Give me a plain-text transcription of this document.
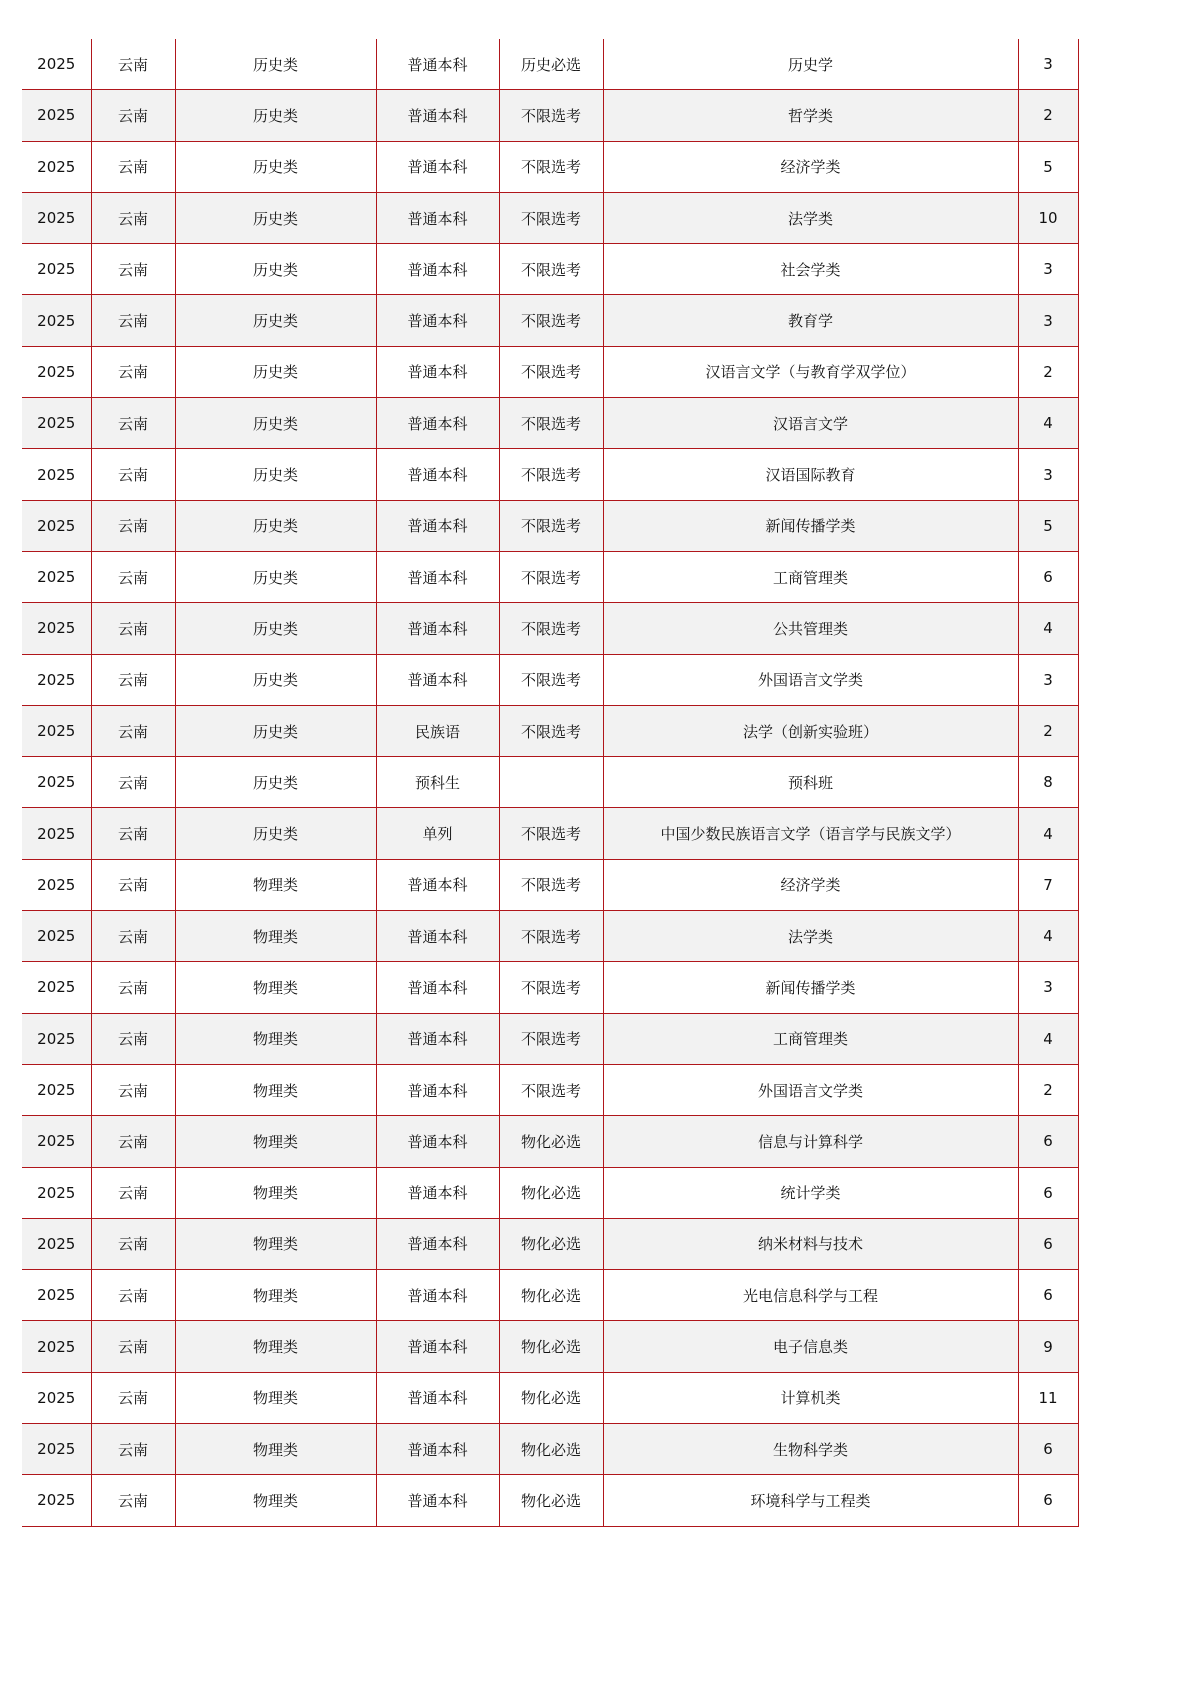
2025	云南	历史类	普通本科	历史必选	历史学	3
2025	云南	历史类	普通本科	不限选考	哲学类	2
2025	云南	历史类	普通本科	不限选考	经济学类	5
2025	云南	历史类	普通本科	不限选考	法学类	10
2025	云南	历史类	普通本科	不限选考	社会学类	3
2025	云南	历史类	普通本科	不限选考	教育学	3
2025	云南	历史类	普通本科	不限选考	汉语言文学（与教育学双学位）	2
2025	云南	历史类	普通本科	不限选考	汉语言文学	4
2025	云南	历史类	普通本科	不限选考	汉语国际教育	3
2025	云南	历史类	普通本科	不限选考	新闻传播学类	5
2025	云南	历史类	普通本科	不限选考	工商管理类	6
2025	云南	历史类	普通本科	不限选考	公共管理类	4
2025	云南	历史类	普通本科	不限选考	外国语言文学类	3
2025	云南	历史类	民族语	不限选考	法学（创新实验班）	2
2025	云南	历史类	预科生		预科班	8
2025	云南	历史类	单列	不限选考	中国少数民族语言文学（语言学与民族文学）	4
2025	云南	物理类	普通本科	不限选考	经济学类	7
2025	云南	物理类	普通本科	不限选考	法学类	4
2025	云南	物理类	普通本科	不限选考	新闻传播学类	3
2025	云南	物理类	普通本科	不限选考	工商管理类	4
2025	云南	物理类	普通本科	不限选考	外国语言文学类	2
2025	云南	物理类	普通本科	物化必选	信息与计算科学	6
2025	云南	物理类	普通本科	物化必选	统计学类	6
2025	云南	物理类	普通本科	物化必选	纳米材料与技术	6
2025	云南	物理类	普通本科	物化必选	光电信息科学与工程	6
2025	云南	物理类	普通本科	物化必选	电子信息类	9
2025	云南	物理类	普通本科	物化必选	计算机类	11
2025	云南	物理类	普通本科	物化必选	生物科学类	6
2025	云南	物理类	普通本科	物化必选	环境科学与工程类	6
